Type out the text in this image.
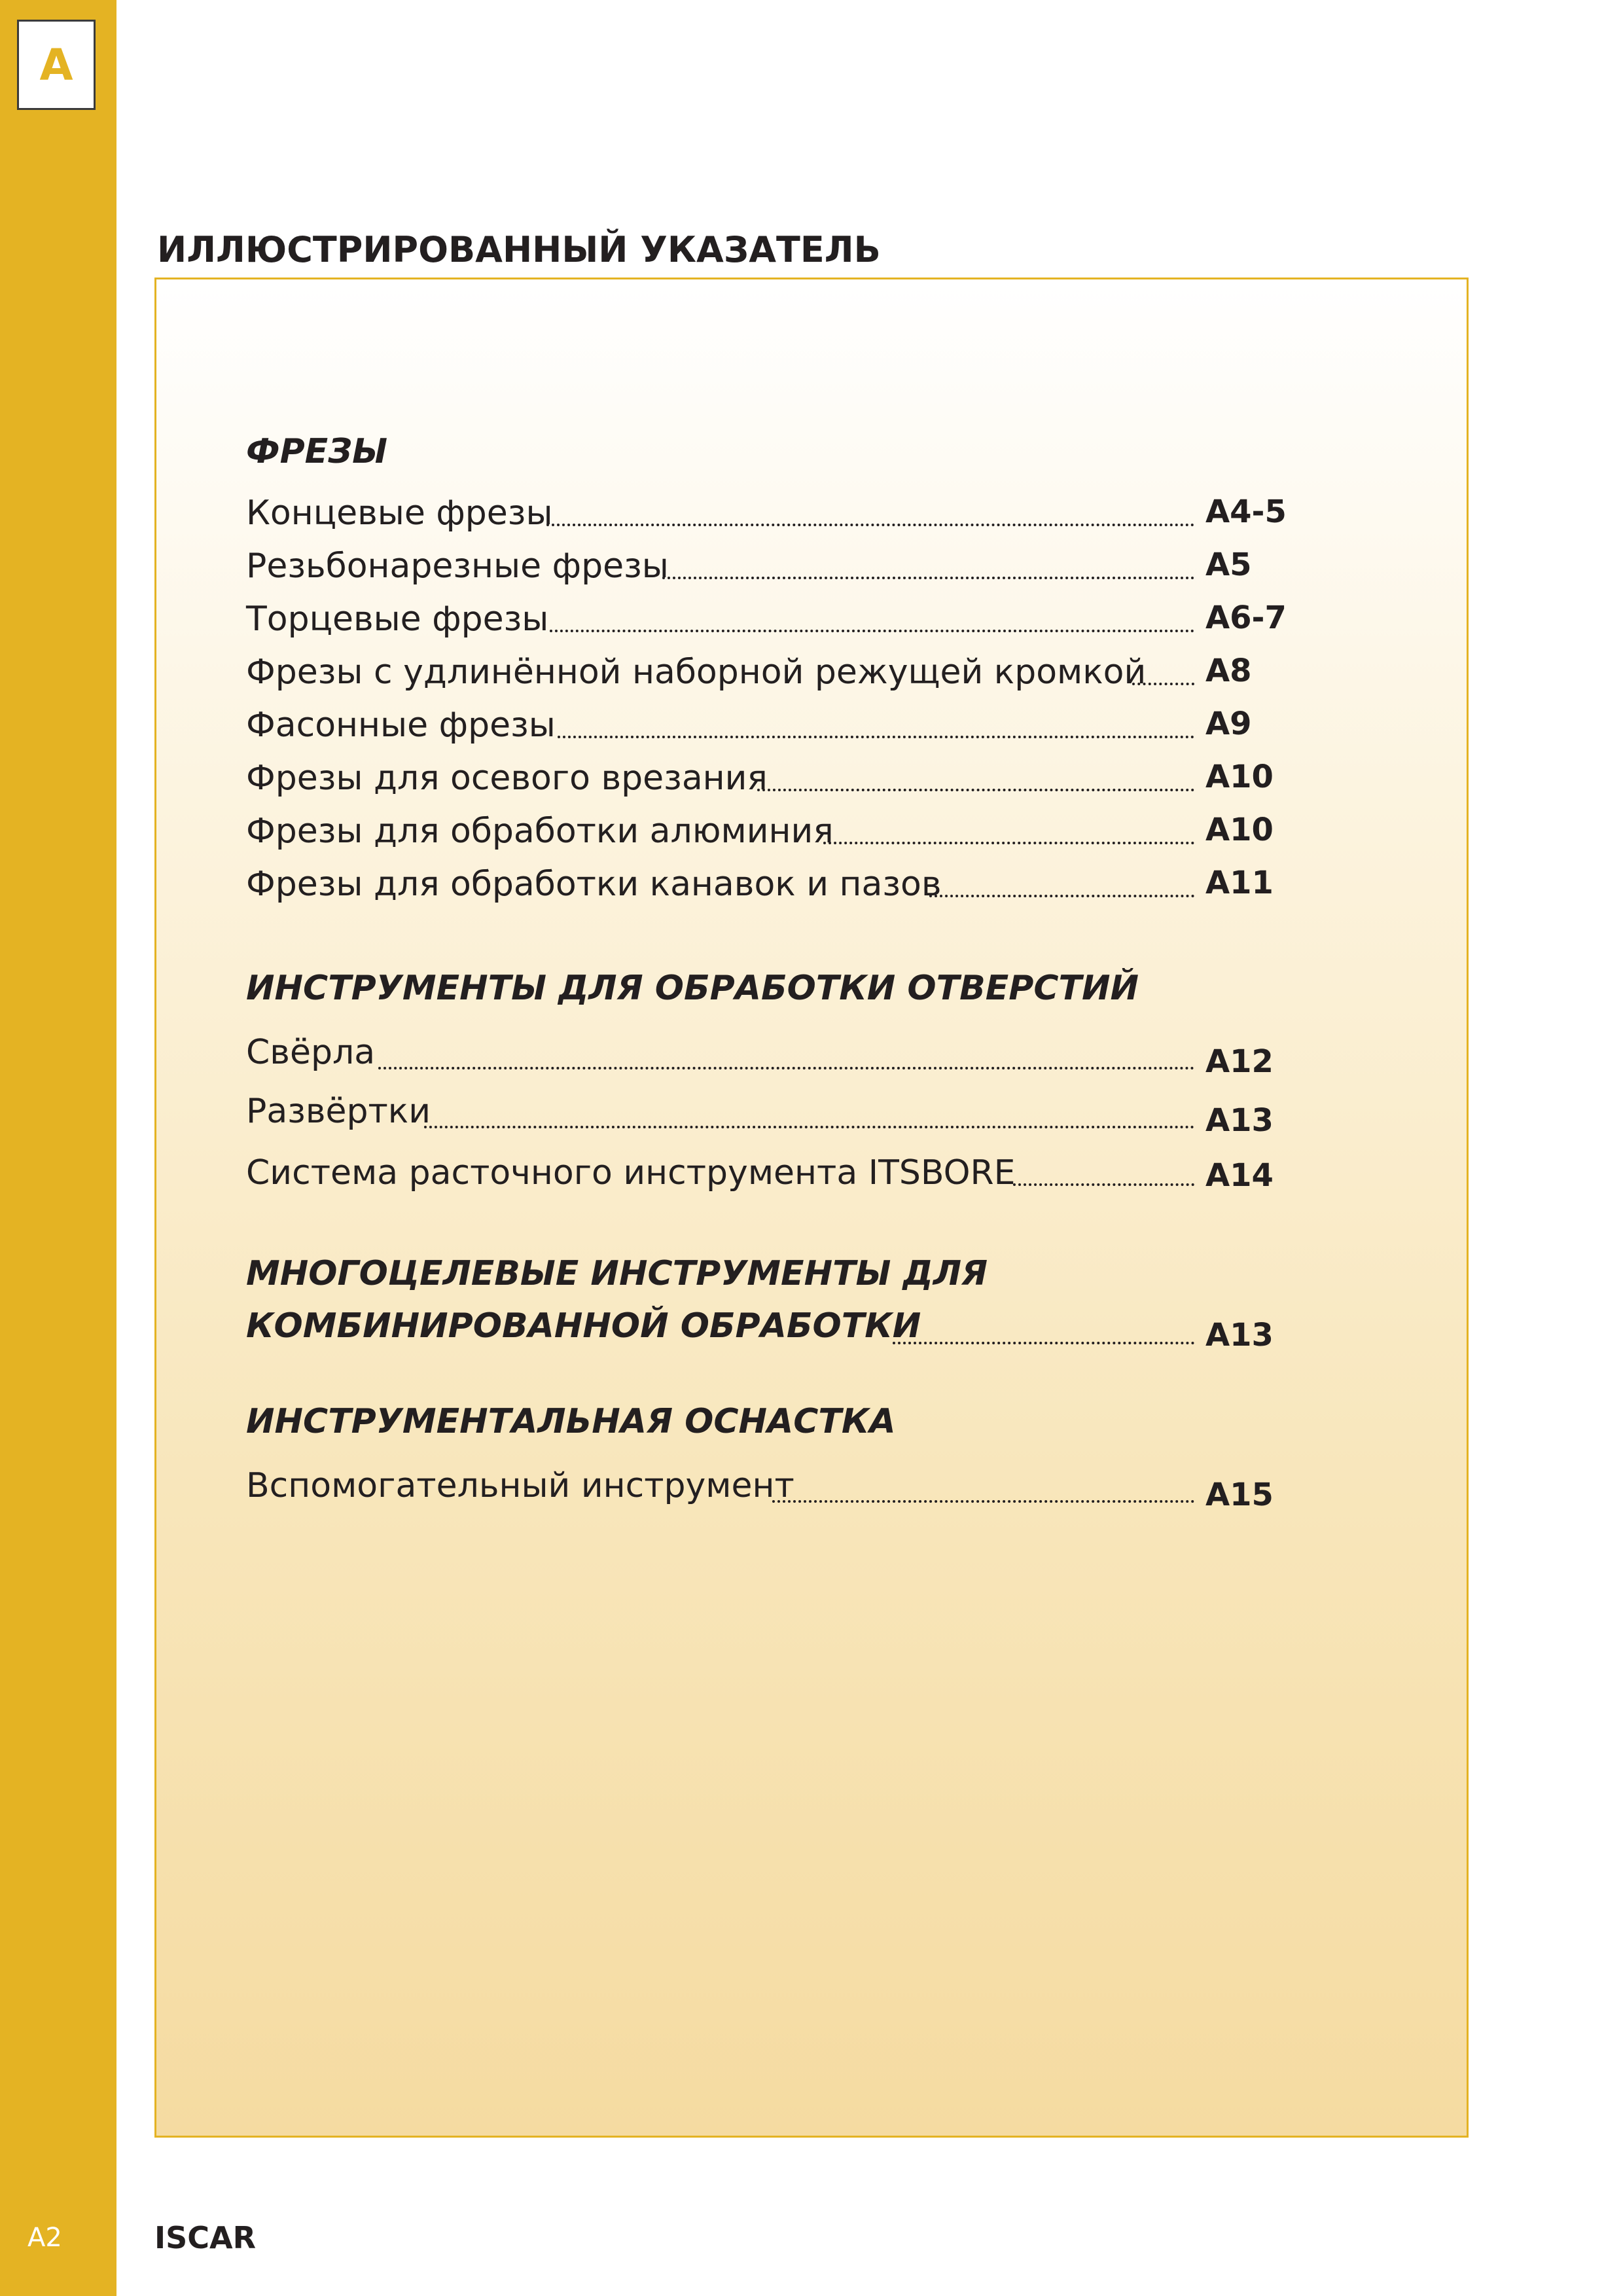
A
ИЛЛЮСТРИРОВАННЫЙ УКАЗАТЕЛЬ
ФРЕЗЫ
Концевые фрезы	A4-5
Резьбонарезные фрезы	A5
Торцевые фрезы	A6-7
Фрезы с удлинённой наборной режущей кромкой A8
Фасонные фрезы	A9
Фрезы для осевого врезания	A10
Фрезы для обработки алюминия	A10
Фрезы для обработки канавок и пазов	A11
ИНСТРУМЕНТЫ ДЛЯ ОБРАБОТКИ ОТВЕРСТИЙ
Свёрла	A12
Развёртки	A13
Система расточного инструмента ITSBORE	A14
МНОГОЦЕЛЕВЫЕ ИНСТРУМЕНТЫ ДЛЯ
КОМБИНИРОВАННОЙ ОБРАБОТКИ	A13
ИНСТРУМЕНТАЛЬНАЯ ОСНАСТКА
Вспомогательный инструмент	A15
A2	ISCAR
